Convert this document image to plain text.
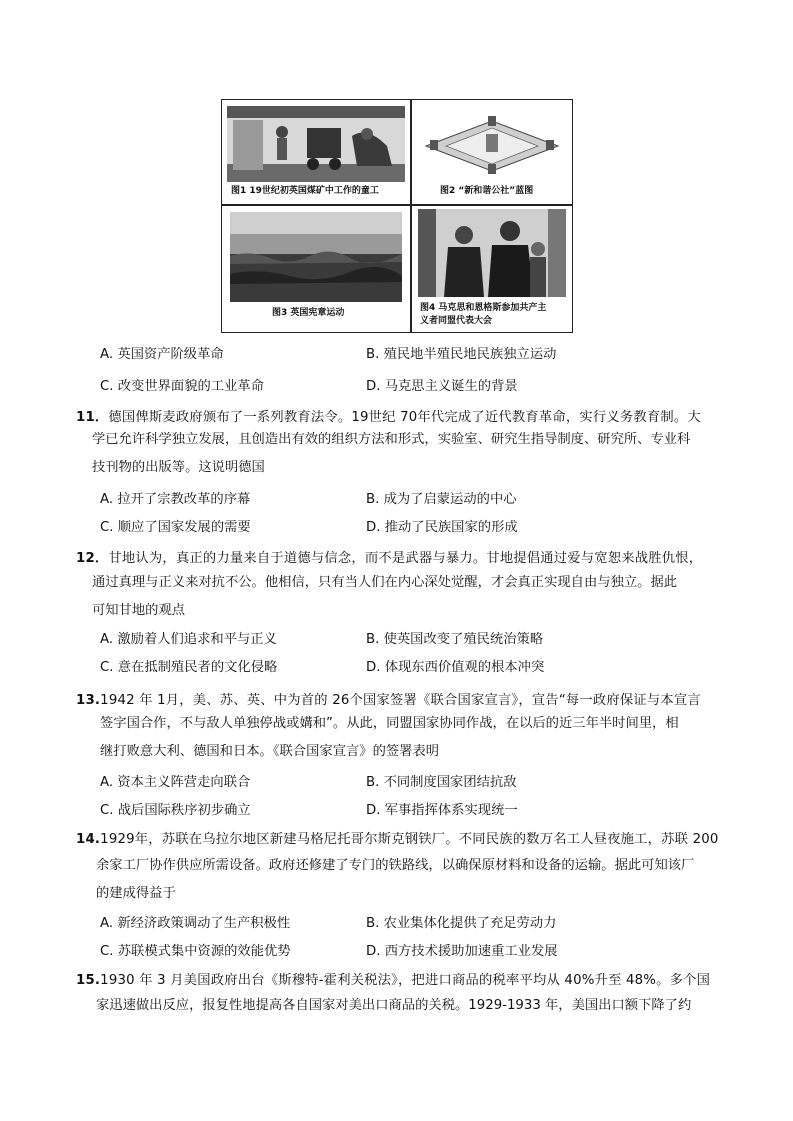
图1 19世纪初英国煤矿中工作的童工	图2 “新和谐公社”蓝图
图3 英国宪章运动	图4 马克思和恩格斯参加共产主
义者同盟代表大会
A. 英国资产阶级革命	B. 殖民地半殖民地民族独立运动
C. 改变世界面貌的工业革命	D. 马克思主义诞生的背景
11．德国俾斯麦政府颁布了一系列教育法令。19世纪 70年代完成了近代教育革命，实行义务教育制。大
学已允许科学独立发展，且创造出有效的组织方法和形式，实验室、研究生指导制度、研究所、专业科
技刊物的出版等。这说明德国
A. 拉开了宗教改革的序幕	B. 成为了启蒙运动的中心
C. 顺应了国家发展的需要	D. 推动了民族国家的形成
12．甘地认为，真正的力量来自于道德与信念，而不是武器与暴力。甘地提倡通过爱与宽恕来战胜仇恨，
通过真理与正义来对抗不公。他相信，只有当人们在内心深处觉醒，才会真正实现自由与独立。据此
可知甘地的观点
A. 激励着人们追求和平与正义	B. 使英国改变了殖民统治策略
C. 意在抵制殖民者的文化侵略	D. 体现东西价值观的根本冲突
13.1942 年 1月，美、苏、英、中为首的 26个国家签署《联合国家宣言》，宣告“每一政府保证与本宣言
签字国合作，不与敌人单独停战或媾和”。从此，同盟国家协同作战，在以后的近三年半时间里，相
继打败意大利、德国和日本。《联合国家宣言》的签署表明
A. 资本主义阵营走向联合	B. 不同制度国家团结抗敌
C. 战后国际秩序初步确立	D. 军事指挥体系实现统一
14.1929年，苏联在乌拉尔地区新建马格尼托哥尔斯克钢铁厂。不同民族的数万名工人昼夜施工，苏联 200
余家工厂协作供应所需设备。政府还修建了专门的铁路线，以确保原材料和设备的运输。据此可知该厂
的建成得益于
A. 新经济政策调动了生产积极性	B. 农业集体化提供了充足劳动力
C. 苏联模式集中资源的效能优势	D. 西方技术援助加速重工业发展
15.1930 年 3 月美国政府出台《斯穆特-霍利关税法》，把进口商品的税率平均从 40%升至 48%。多个国
家迅速做出反应，报复性地提高各自国家对美出口商品的关税。1929-1933 年，美国出口额下降了约
